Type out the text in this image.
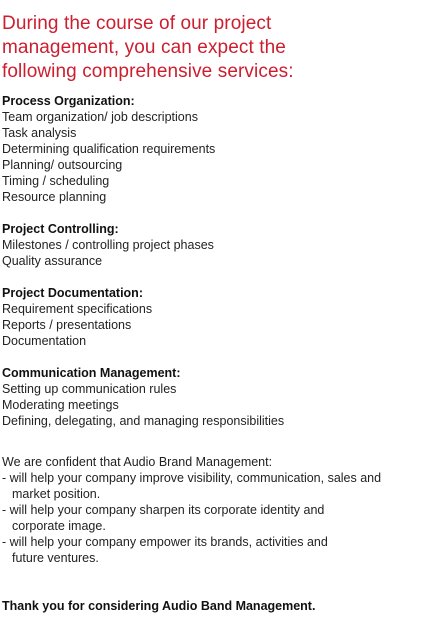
During the course of our project
management, you can expect the
following comprehensive services:

Process Organization:

Team organization/ job descriptions

Task analysis

Determining qualification requirements

Planning/ outsourcing

Timing / scheduling

Resource planning

Project Controlling:

Milestones / controlling project phases

Quality assurance

Project Documentation:

Requirement specifications

Reports / presentations

Documentation

Communication Management:

Setting up communication rules

Moderating meetings

Defining, delegating, and managing responsibilities

We are confident that Audio Brand Management:

- will help your company improve visibility, communication, sales and
market position.

- will help your company sharpen its corporate identity and
corporate image.

- will help your company empower its brands, activities and
future ventures.

Thank you for considering Audio Band Management.
